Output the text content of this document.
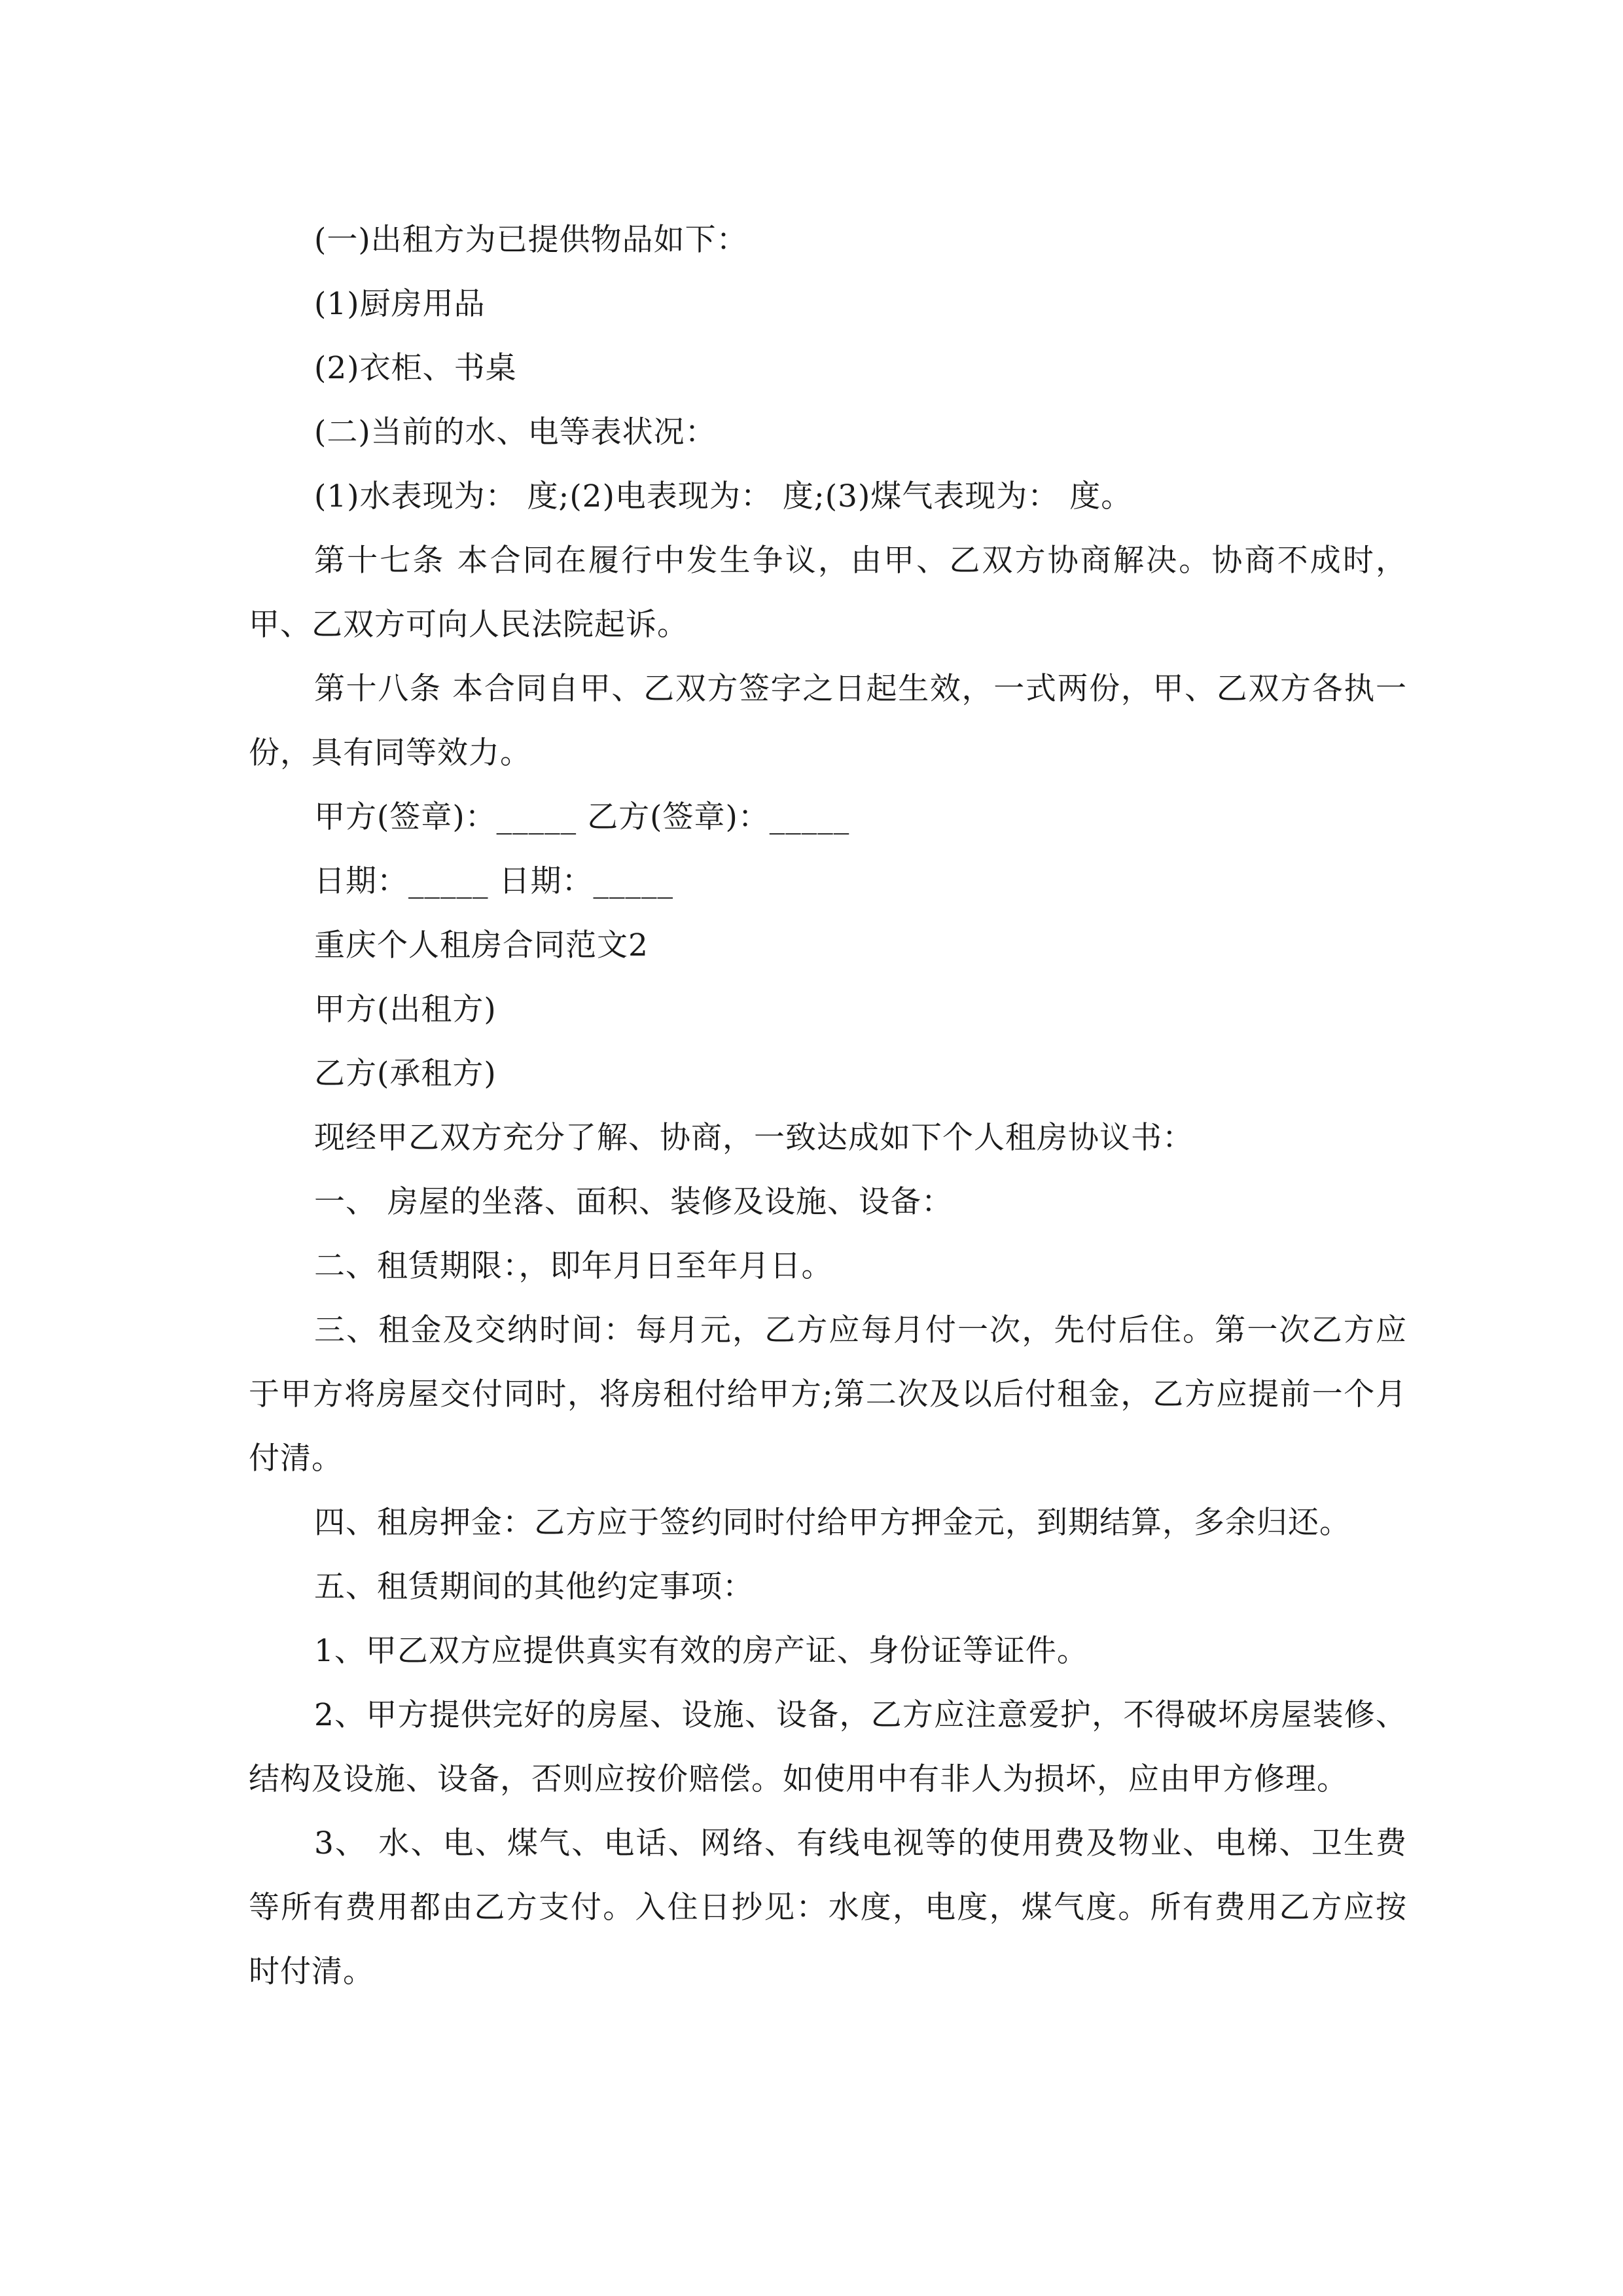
(一)出租方为已提供物品如下：

(1)厨房用品

(2)衣柜、书桌

(二)当前的水、电等表状况：

(1)水表现为： 度;(2)电表现为： 度;(3)煤气表现为： 度。

第十七条 本合同在履行中发生争议，由甲、乙双方协商解决。协商不成时，甲、乙双方可向人民法院起诉。

第十八条 本合同自甲、乙双方签字之日起生效，一式两份，甲、乙双方各执一份，具有同等效力。

甲方(签章)：_____ 乙方(签章)：_____

日期：_____ 日期：_____

重庆个人租房合同范文2

甲方(出租方)

乙方(承租方)

现经甲乙双方充分了解、协商，一致达成如下个人租房协议书：

一、 房屋的坐落、面积、装修及设施、设备：

二、租赁期限：，即年月日至年月日。

三、租金及交纳时间：每月元，乙方应每月付一次，先付后住。第一次乙方应于甲方将房屋交付同时，将房租付给甲方;第二次及以后付租金，乙方应提前一个月付清。

四、租房押金：乙方应于签约同时付给甲方押金元，到期结算，多余归还。

五、租赁期间的其他约定事项：

1、甲乙双方应提供真实有效的房产证、身份证等证件。

2、甲方提供完好的房屋、设施、设备，乙方应注意爱护，不得破坏房屋装修、结构及设施、设备，否则应按价赔偿。如使用中有非人为损坏，应由甲方修理。

3、 水、电、煤气、电话、网络、有线电视等的使用费及物业、电梯、卫生费等所有费用都由乙方支付。入住日抄见：水度，电度，煤气度。所有费用乙方应按时付清。
